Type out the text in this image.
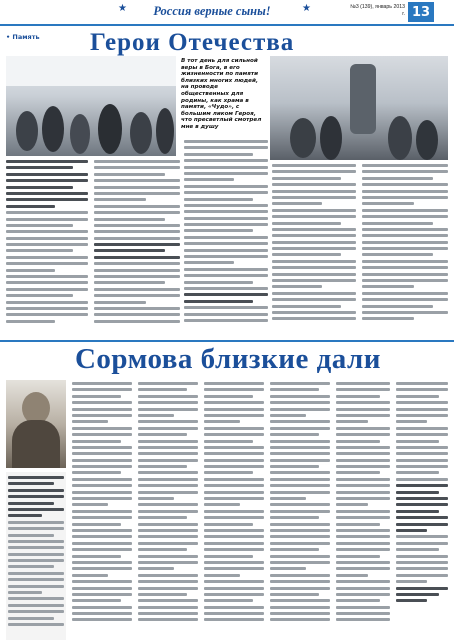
★	Россия верные сыны!	★	№3 (139), январь 2013 г. 13
• Память Герои Отечества
В тот день для сильной веры в Бога, в его жизненности по памяти близких многих людей, на проводе общественных для родины, как храма в памяти, «Чудо», с большим ликом Героя, что пресветлый смотрел мне в душу
Сормова близкие дали
